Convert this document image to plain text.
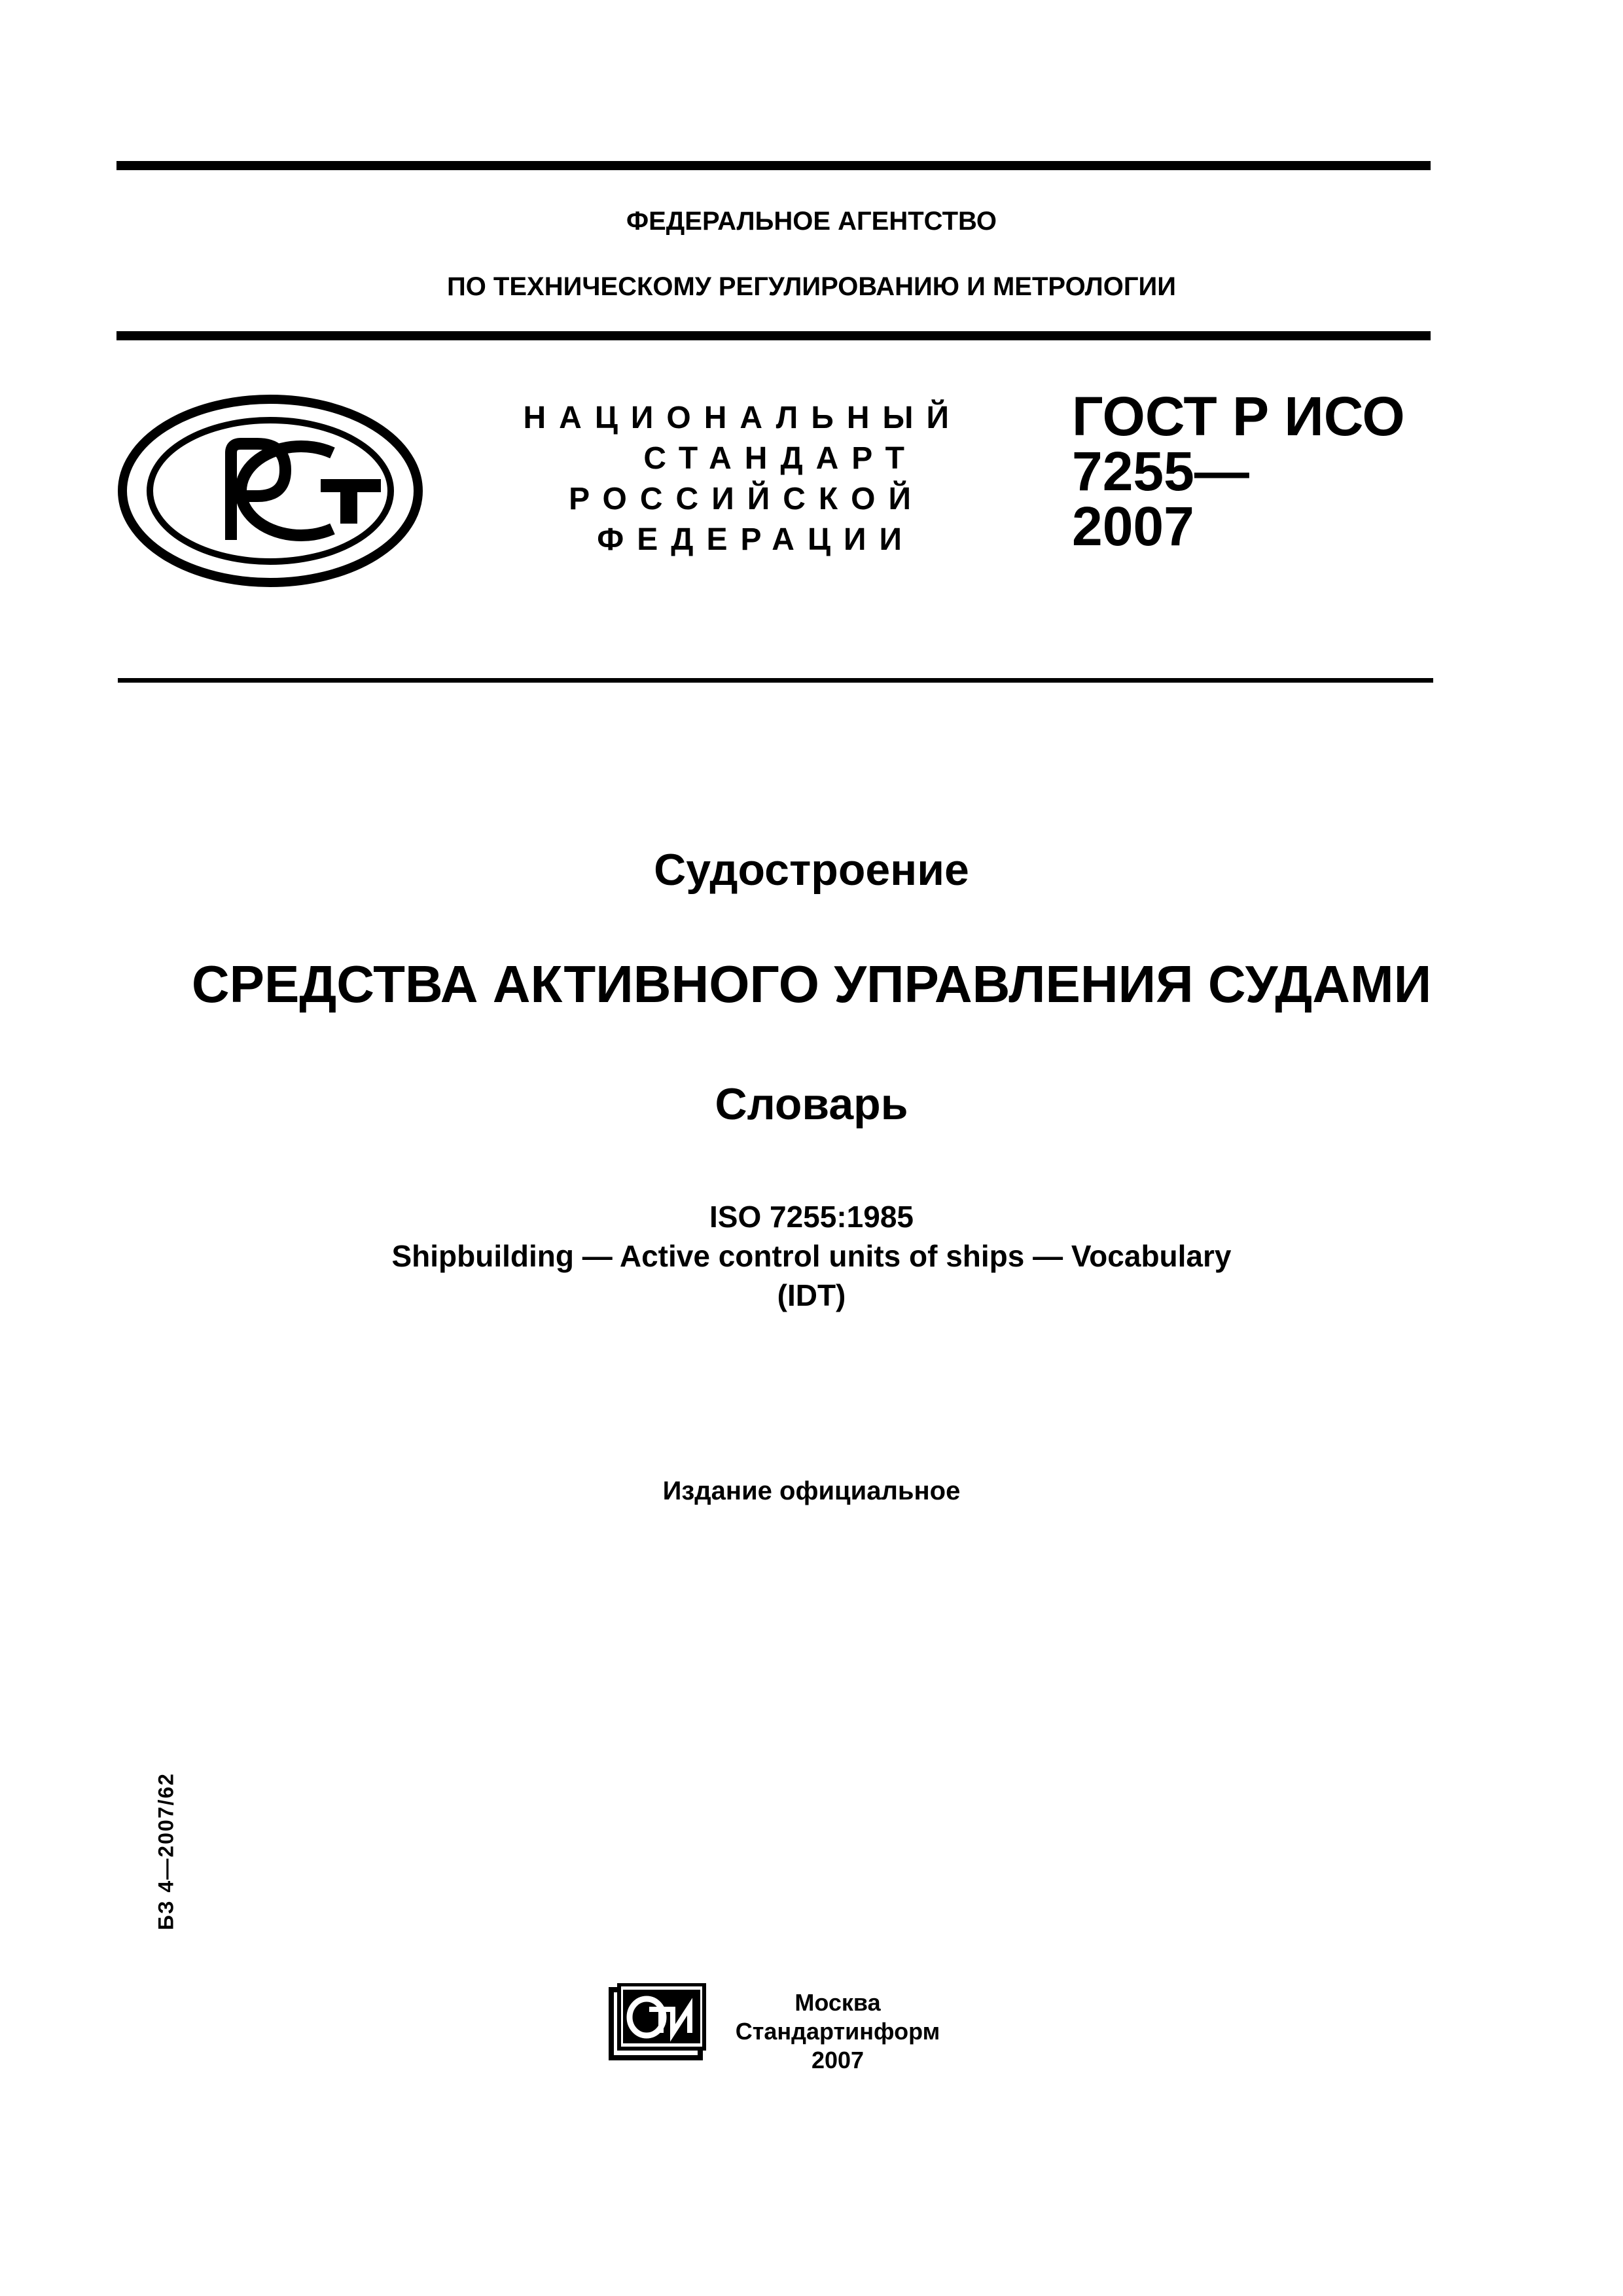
ФЕДЕРАЛЬНОЕ АГЕНТСТВО
ПО ТЕХНИЧЕСКОМУ РЕГУЛИРОВАНИЮ И МЕТРОЛОГИИ
НАЦИОНАЛЬНЫЙ
СТАНДАРТ
РОССИЙСКОЙ
ФЕДЕРАЦИИ
ГОСТ Р ИСО
7255—
2007
Судостроение
СРЕДСТВА АКТИВНОГО УПРАВЛЕНИЯ СУДАМИ
Словарь
ISO 7255:1985
Shipbuilding — Active control units of ships — Vocabulary
(IDT)
Издание официальное
БЗ 4—2007/62
Москва
Стандартинформ
2007
